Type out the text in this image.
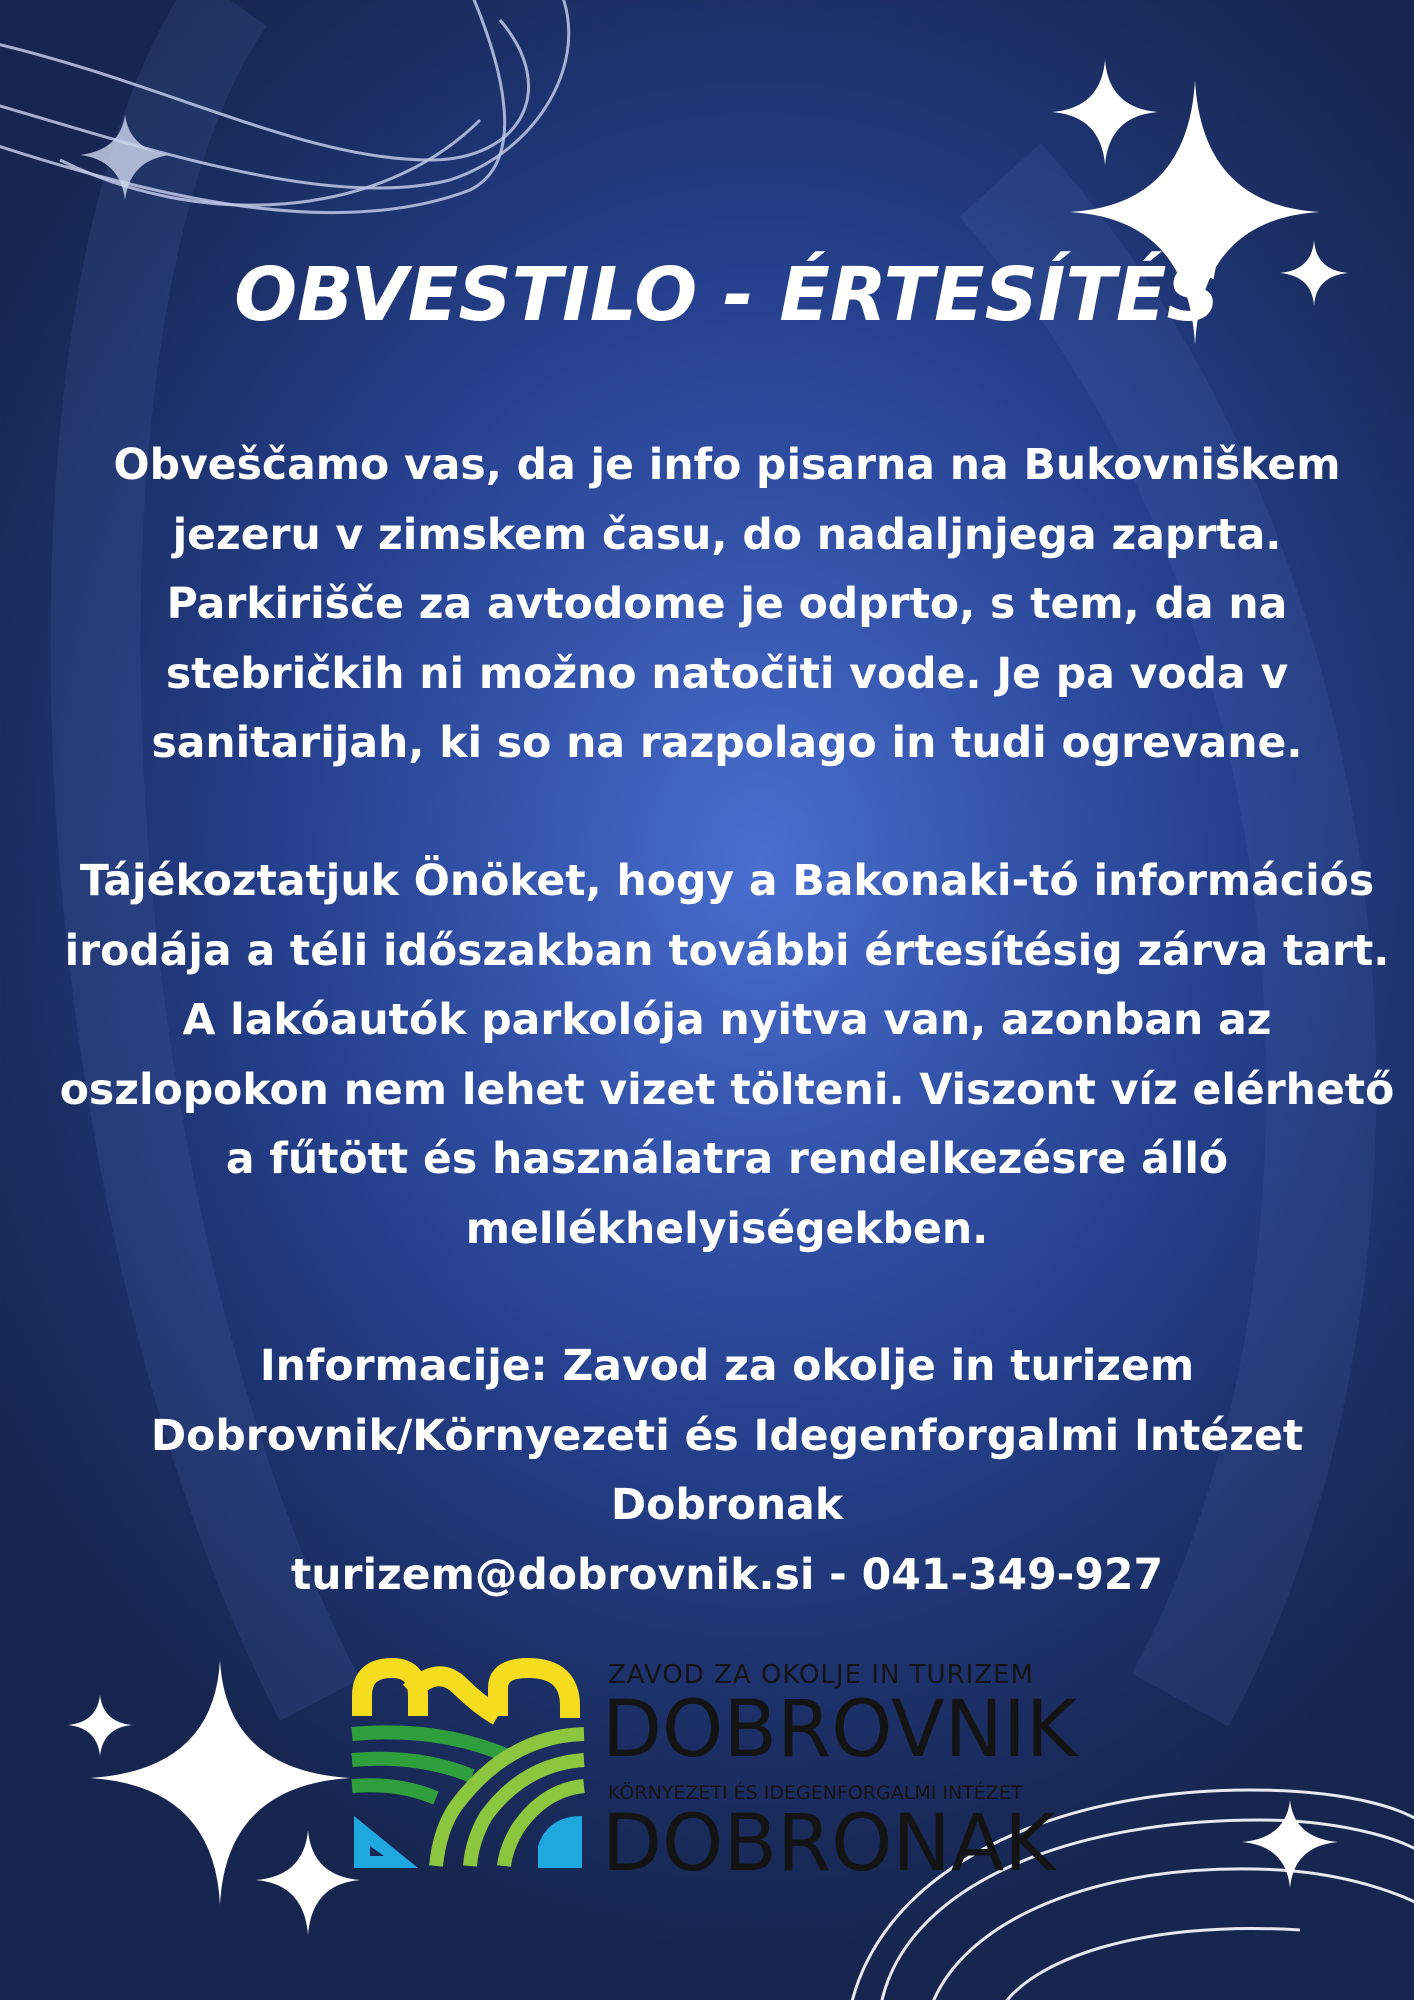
OBVESTILO - ÉRTESÍTÉS
Obveščamo vas, da je info pisarna na Bukovniškem
jezeru v zimskem času, do nadaljnjega zaprta.
Parkirišče za avtodome je odprto, s tem, da na
stebričkih ni možno natočiti vode. Je pa voda v
sanitarijah, ki so na razpolago in tudi ogrevane.
Tájékoztatjuk Önöket, hogy a Bakonaki-tó információs
irodája a téli időszakban további értesítésig zárva tart.
A lakóautók parkolója nyitva van, azonban az
oszlopokon nem lehet vizet tölteni. Viszont víz elérhető
a fűtött és használatra rendelkezésre álló
mellékhelyiségekben.
Informacije: Zavod za okolje in turizem
Dobrovnik/Környezeti és Idegenforgalmi Intézet
Dobronak
turizem@dobrovnik.si - 041-349-927
ZAVOD ZA OKOLJE IN TURIZEM
DOBROVNIK
KÖRNYEZETI ÉS IDEGENFORGALMI INTÉZET
DOBRONAK
